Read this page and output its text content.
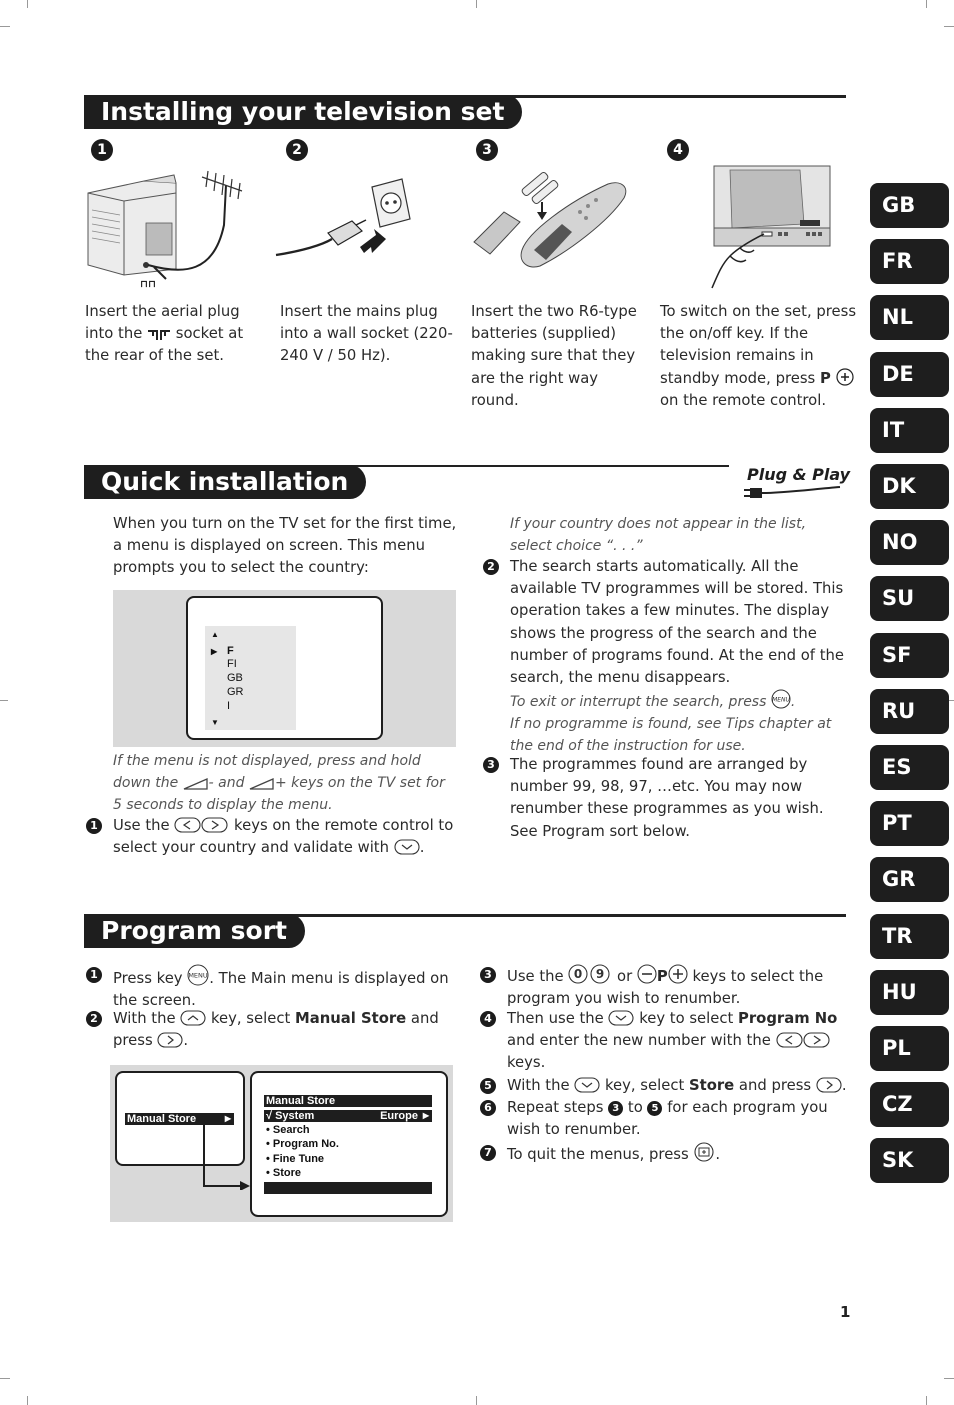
Installing your television set
1	2	3	4
⊓⊓
Insert the aerial plug into the  socket at the rear of the set.
Insert the mains plug into a wall socket (220-240 V / 50 Hz).
Insert the two R6-type batteries (supplied) making sure that they are the right way round.
To switch on the set, press the on/off key. If the television remains in standby mode, press P  on the remote control.
Quick installation	Plug & Play
When you turn on the TV set for the first time, a menu is displayed on screen. This menu prompts you to select the country:
▲
▶ F
FI
GB
GR
I
▼
If the menu is not displayed, press and hold down the - and + keys on the TV set for 5 seconds to display the menu.
1 Use the	keys on the remote control to select your country and validate with .
If your country does not appear in the list, select choice “. . .”
2 The search starts automatically. All the available TV programmes will be stored. This operation takes a few minutes. The display shows the progress of the search and the number of programs found. At the end of the search, the menu disappears.
To exit or interrupt the search, press MENU .
If no programme is found, see Tips chapter at the end of the instruction for use.
3 The programmes found are arranged by number 99, 98, 97, …etc. You may now renumber these programmes as you wish.
See Program sort below.
Program sort
1 Press key MENU . The Main menu is displayed on the screen.
2 With the  key, select Manual Store and press .
Manual Store	▶
Manual Store
√ System	Europe ▶
• Search
• Program No.
• Fine Tune
• Store
3 Use the 0 9 or P keys to select the program you wish to renumber.
4 Then use the  key to select Program No and enter the new number with the  keys.
5 With the  key, select Store and press .
6 Repeat steps 3 to 5 for each program you wish to renumber.
7 To quit the menus, press .
GB
FR
NL
DE
IT
DK
NO
SU
SF
RU
ES
PT
GR
TR
HU
PL
CZ
SK
1
